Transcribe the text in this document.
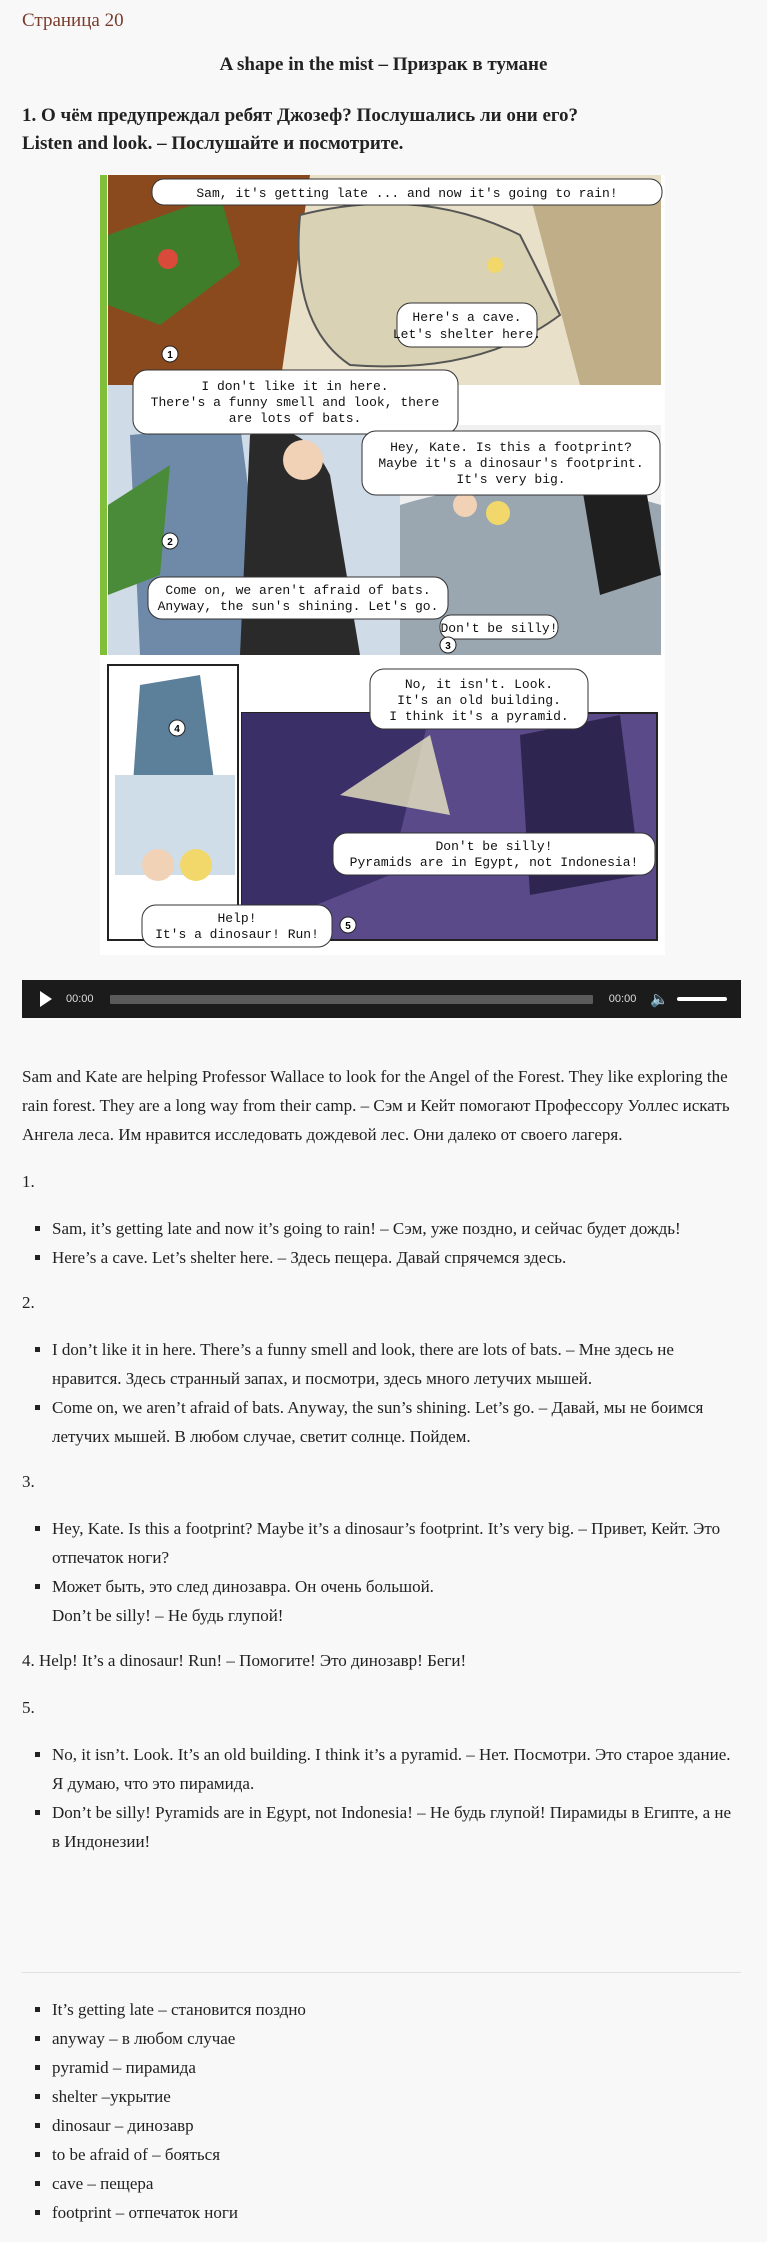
Страница 20
A shape in the mist – Призрак в тумане
1. О чём предупреждал ребят Джозеф? Послушались ли они его?
Listen and look. – Послушайте и посмотрите.
Sam, it's getting late ... and now it's going to rain!
Here's a cave.
Let's shelter here.
I don't like it in here.
There's a funny smell and look, there
are lots of bats.
Hey, Kate. Is this a footprint?
Maybe it's a dinosaur's footprint.
It's very big.
Come on, we aren't afraid of bats.
Anyway, the sun's shining. Let's go.
Don't be silly!
No, it isn't. Look.
It's an old building.
I think it's a pyramid.
Don't be silly!
Pyramids are in Egypt, not Indonesia!
Help!
It's a dinosaur! Run!
1
2
3
4
5
00:00	00:00 🔈

Sam and Kate are helping Professor Wallace to look for the Angel of the Forest. They like exploring the rain forest. They are a long way from their camp. – Сэм и Кейт помогают Профессору Уоллес искать Ангела леса. Им нравится исследовать дождевой лес. Они далеко от своего лагеря.

1.
▪ Sam, it’s getting late and now it’s going to rain! – Сэм, уже поздно, и сейчас будет дождь!
▪ Here’s a cave. Let’s shelter here. – Здесь пещера. Давай спрячемся здесь.
2.
▪ I don’t like it in here. There’s a funny smell and look, there are lots of bats. – Мне здесь не нравится. Здесь странный запах, и посмотри, здесь много летучих мышей.
▪ Come on, we aren’t afraid of bats. Anyway, the sun’s shining. Let’s go. – Давай, мы не боимся летучих мышей. В любом случае, светит солнце. Пойдем.
3.
▪ Hey, Kate. Is this a footprint? Maybe it’s a dinosaur’s footprint. It’s very big. – Привет, Кейт. Это отпечаток ноги?
▪ Может быть, это след динозавра. Он очень большой.
Don’t be silly! – Не будь глупой!

4. Help! It’s a dinosaur! Run! – Помогите! Это динозавр! Беги!

5.
▪ No, it isn’t. Look. It’s an old building. I think it’s a pyramid. – Нет. Посмотри. Это старое здание. Я думаю, что это пирамида.
▪ Don’t be silly! Pyramids are in Egypt, not Indonesia! – Не будь глупой! Пирамиды в Египте, а не в Индонезии!
▪ It’s getting late – становится поздно
▪ anyway – в любом случае
▪ pyramid – пирамида
▪ shelter –укрытие
▪ dinosaur – динозавр
▪ to be afraid of – бояться
▪ cave – пещера
▪ footprint – отпечаток ноги
